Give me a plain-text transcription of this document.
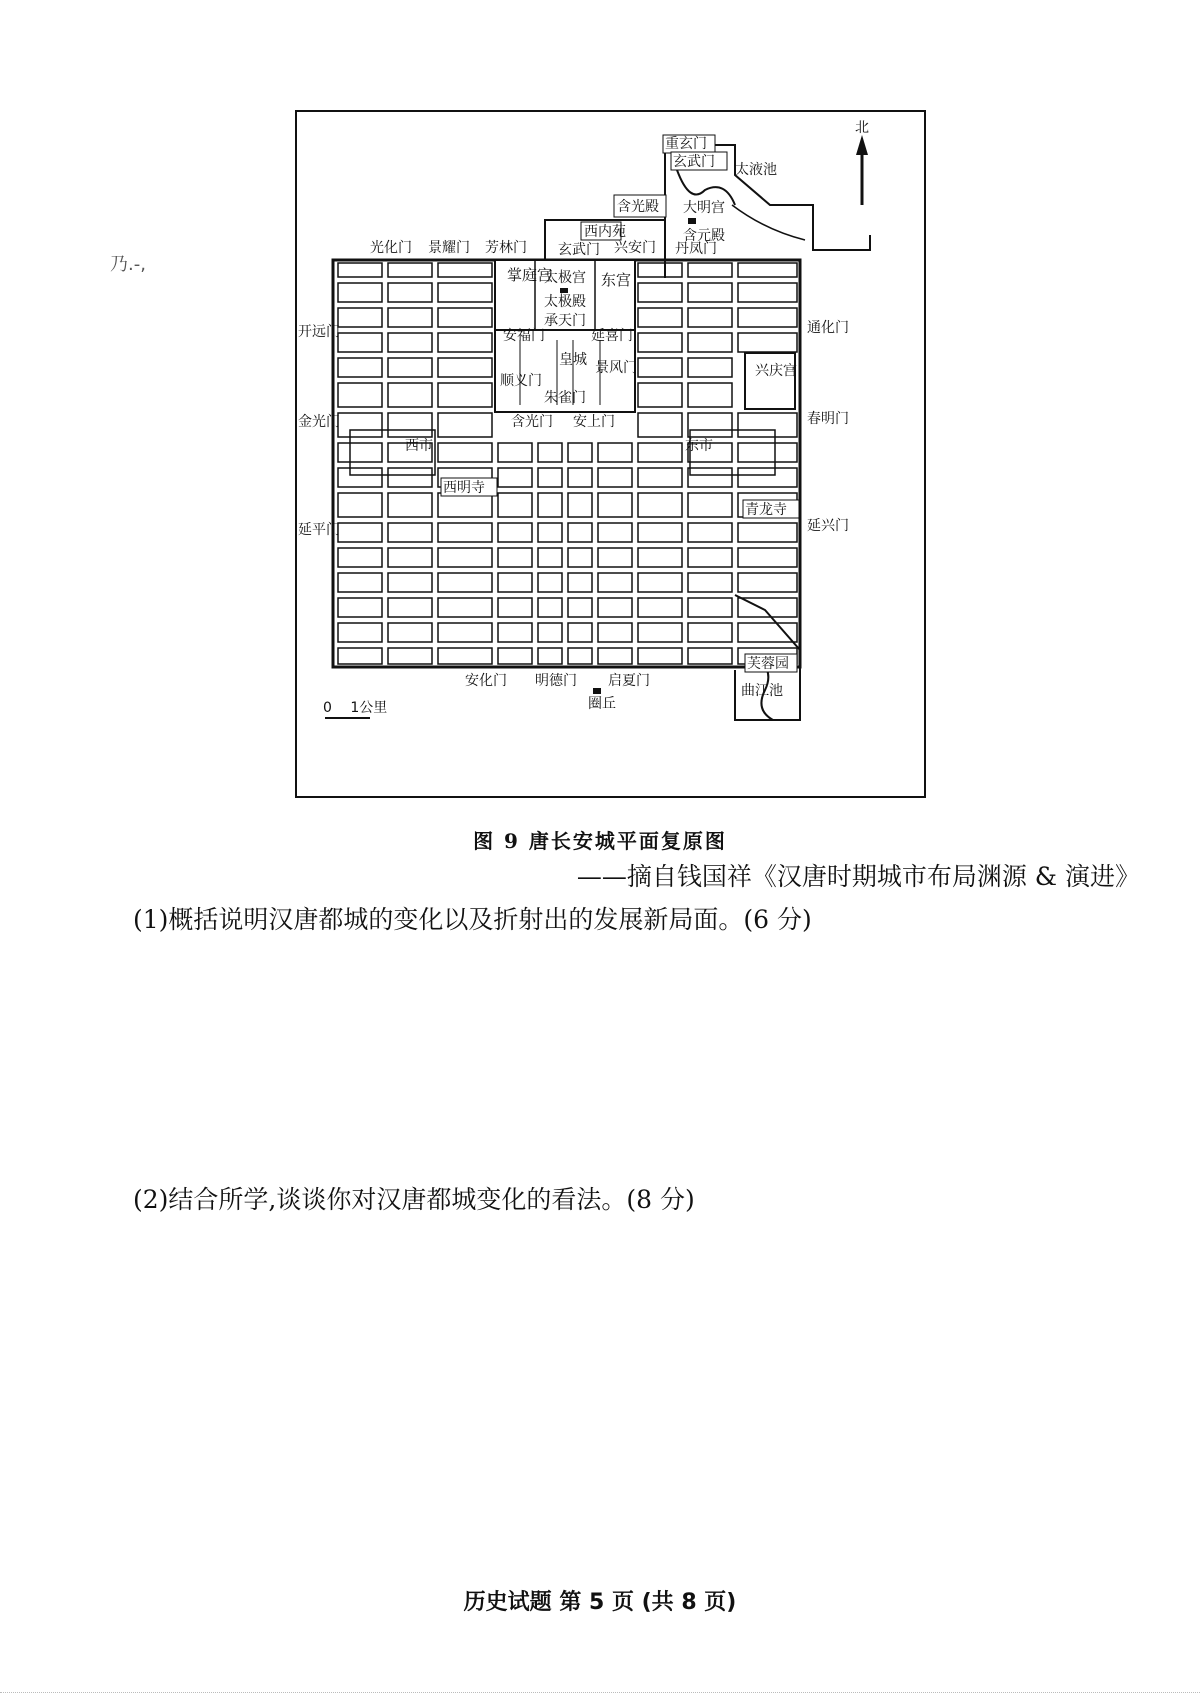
乃.-,
北
重玄门
玄武门 太液池
大明宫
含元殿
含光殿
丹凤门
西内苑
玄武门
光化门 景耀门 芳林门	兴安门
掌庭宫
太极宫
太极殿
承天门
东宫
安福门	延喜门
皇城
顺义门
朱雀门
景风门
含光门 安上门
兴庆宫
西市	东市
西明寺
青龙寺
开远门
金光门
延平门
通化门
春明门
延兴门
芙蓉园
曲江池
安化门 明德门 启夏门
圈丘
0　 1公里
图 9 唐长安城平面复原图
——摘自钱国祥《汉唐时期城市布局渊源 & 演进》
(1)概括说明汉唐都城的变化以及折射出的发展新局面。(6 分)
(2)结合所学,谈谈你对汉唐都城变化的看法。(8 分)
历史试题 第 5 页 (共 8 页)
